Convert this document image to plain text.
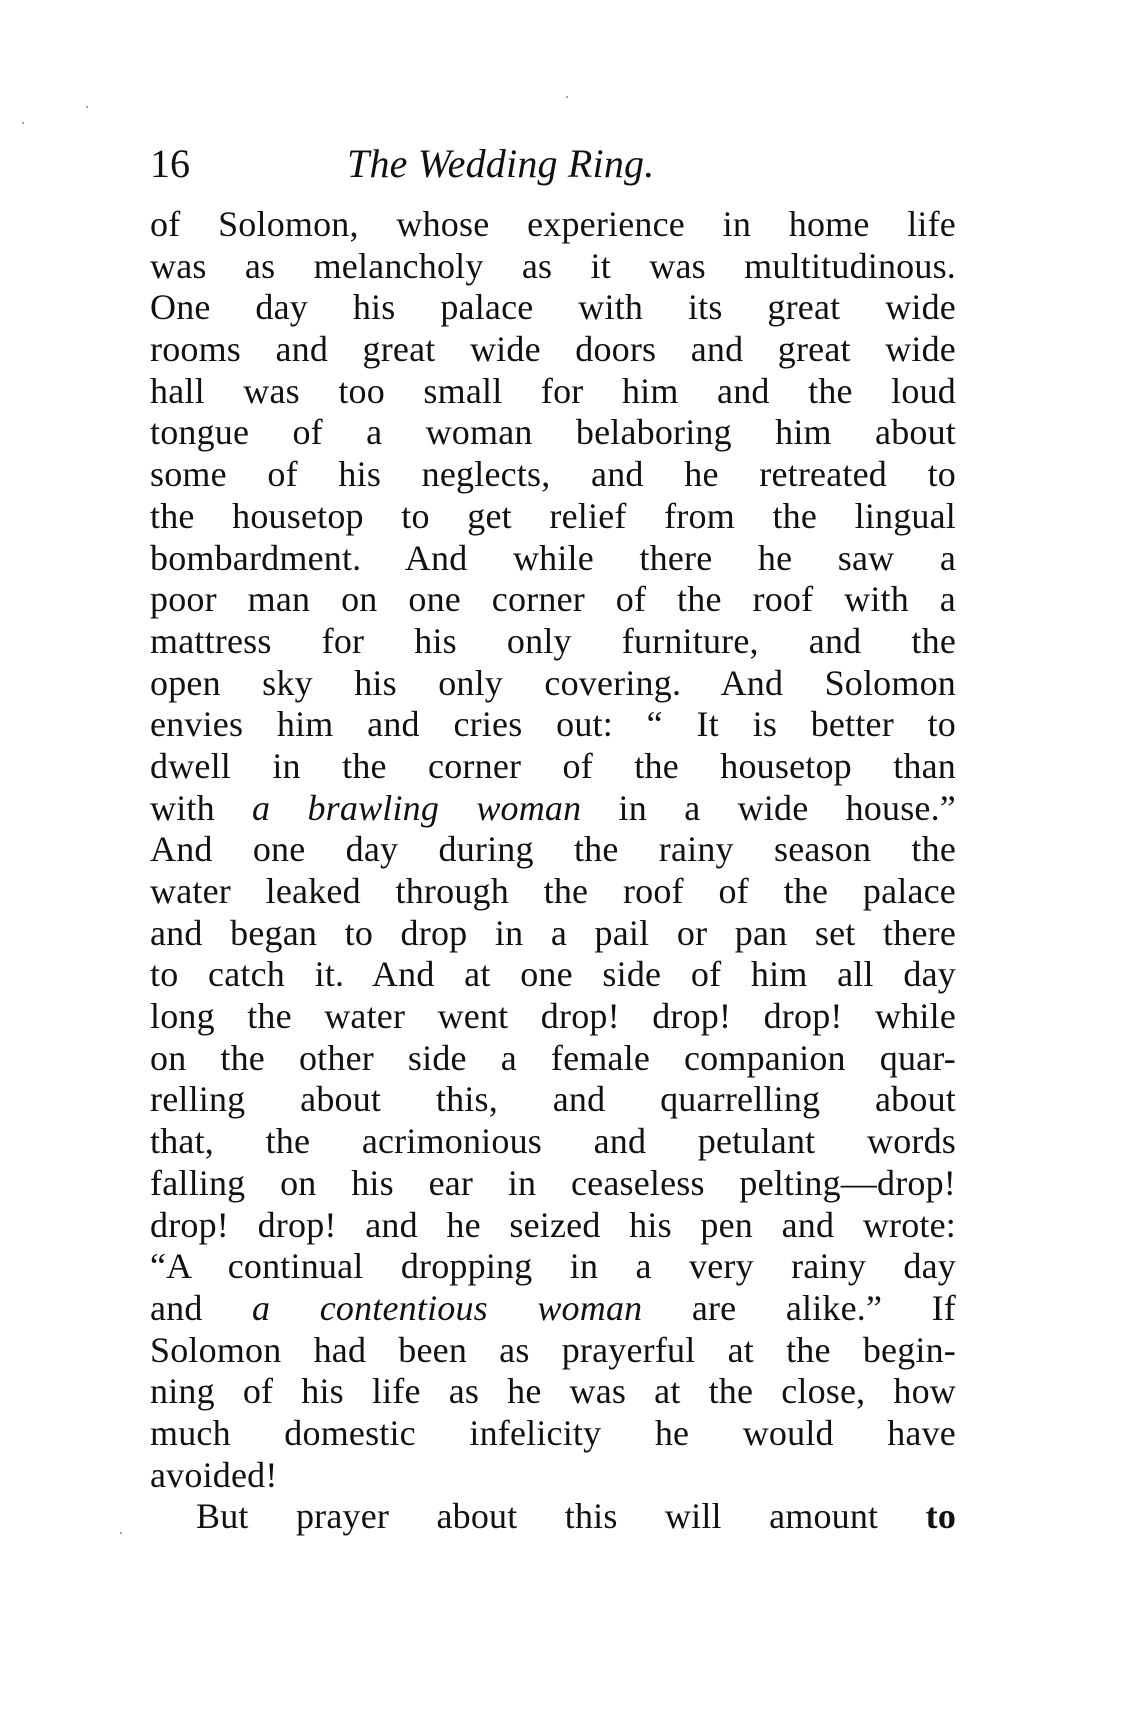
16	The Wedding Ring.
of Solomon, whose experience in home life
was as melancholy as it was multitudinous.
One day his palace with its great wide
rooms and great wide doors and great wide
hall was too small for him and the loud
tongue of a woman belaboring him about
some of his neglects, and he retreated to
the housetop to get relief from the lingual
bombardment. And while there he saw a
poor man on one corner of the roof with a
mattress for his only furniture, and the
open sky his only covering. And Solomon
envies him and cries out: “ It is better to
dwell in the corner of the housetop than
with a brawling woman in a wide house.”
And one day during the rainy season the
water leaked through the roof of the palace
and began to drop in a pail or pan set there
to catch it. And at one side of him all day
long the water went drop! drop! drop! while
on the other side a female companion quar-
relling about this, and quarrelling about
that, the acrimonious and petulant words
falling on his ear in ceaseless pelting—drop!
drop! drop! and he seized his pen and wrote:
“A continual dropping in a very rainy day
and a contentious woman are alike.” If
Solomon had been as prayerful at the begin-
ning of his life as he was at the close, how
much domestic infelicity he would have
avoided!
But prayer about this will amount to
